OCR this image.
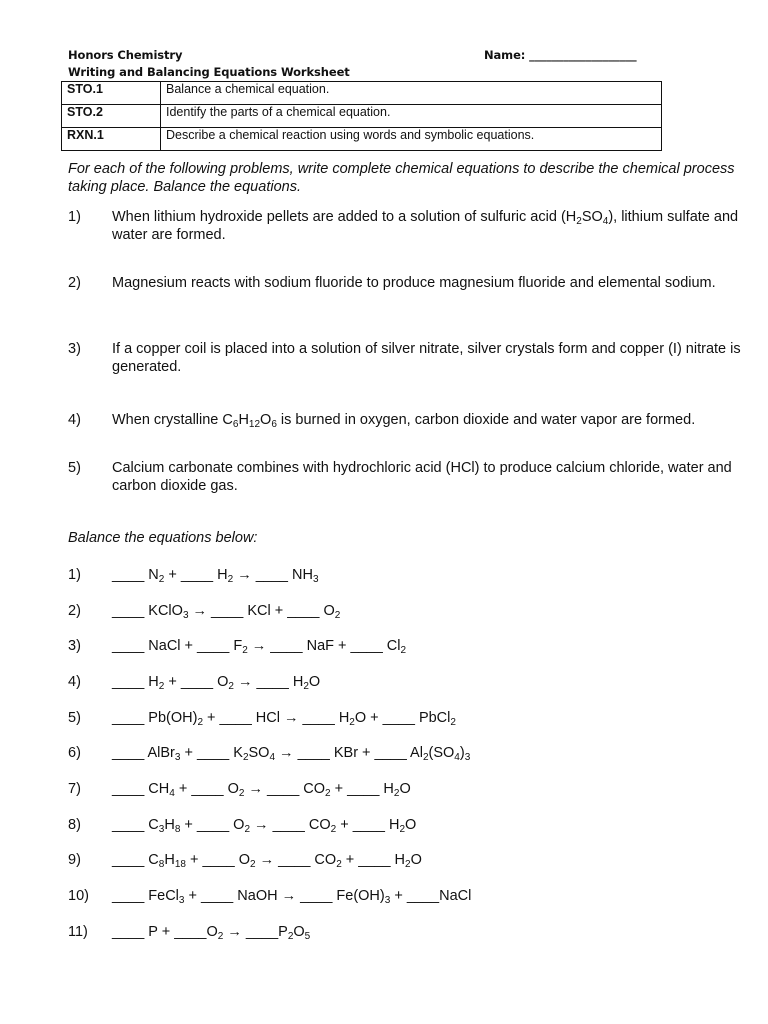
Honors Chemistry
Writing and Balancing Equations Worksheet
Name: ___________________
STO.1	Balance a chemical equation.
STO.2	Identify the parts of a chemical equation.
RXN.1	Describe a chemical reaction using words and symbolic equations.
For each of the following problems, write complete chemical equations to describe the chemical process taking place. Balance the equations.
1) When lithium hydroxide pellets are added to a solution of sulfuric acid $(H_2SO_4)$, lithium sulfate and water are formed.
2) Magnesium reacts with sodium fluoride to produce magnesium fluoride and elemental sodium.
3) If a copper coil is placed into a solution of silver nitrate, silver crystals form and copper (I) nitrate is generated.
4) When crystalline $C_6H_{12}O_6$ is burned in oxygen, carbon dioxide and water vapor are formed.
5) Calcium carbonate combines with hydrochloric acid (HCl) to produce calcium chloride, water and carbon dioxide gas.
Balance the equations below:
1) ____ $N_2$ + ____ $H_2$ → ____ $NH_3$
2) ____ KClO$_3$ → ____ KCl + ____ $O_2$
3) ____ NaCl + ____ $F_2$ → ____ NaF + ____ $Cl_2$
4) ____ $H_2$ + ____ $O_2$ → ____ $H_2O$
5) ____ $Pb(OH)_2$ + ____ HCl → ____ $H_2O$ + ____ PbCl$_2$
6) ____ AlBr$_3$ + ____ $K_2SO_4$ → ____ KBr + ____ $Al_2(SO_4)_3$
7) ____ $CH_4$ + ____ $O_2$ → ____ $CO_2$ + ____ $H_2O$
8) ____ $C_3H_8$ + ____ $O_2$ → ____ $CO_2$ + ____ $H_2O$
9) ____ $C_8H_{18}$ + ____ $O_2$ → ____ $CO_2$ + ____ $H_2O$
10) ____ FeCl$_3$ + ____ NaOH → ____ $Fe(OH)_3$ + ____NaCl
11) ____ $P + \_\_\_\_O_2$ → $\_\_\_\_P_2O_5$
